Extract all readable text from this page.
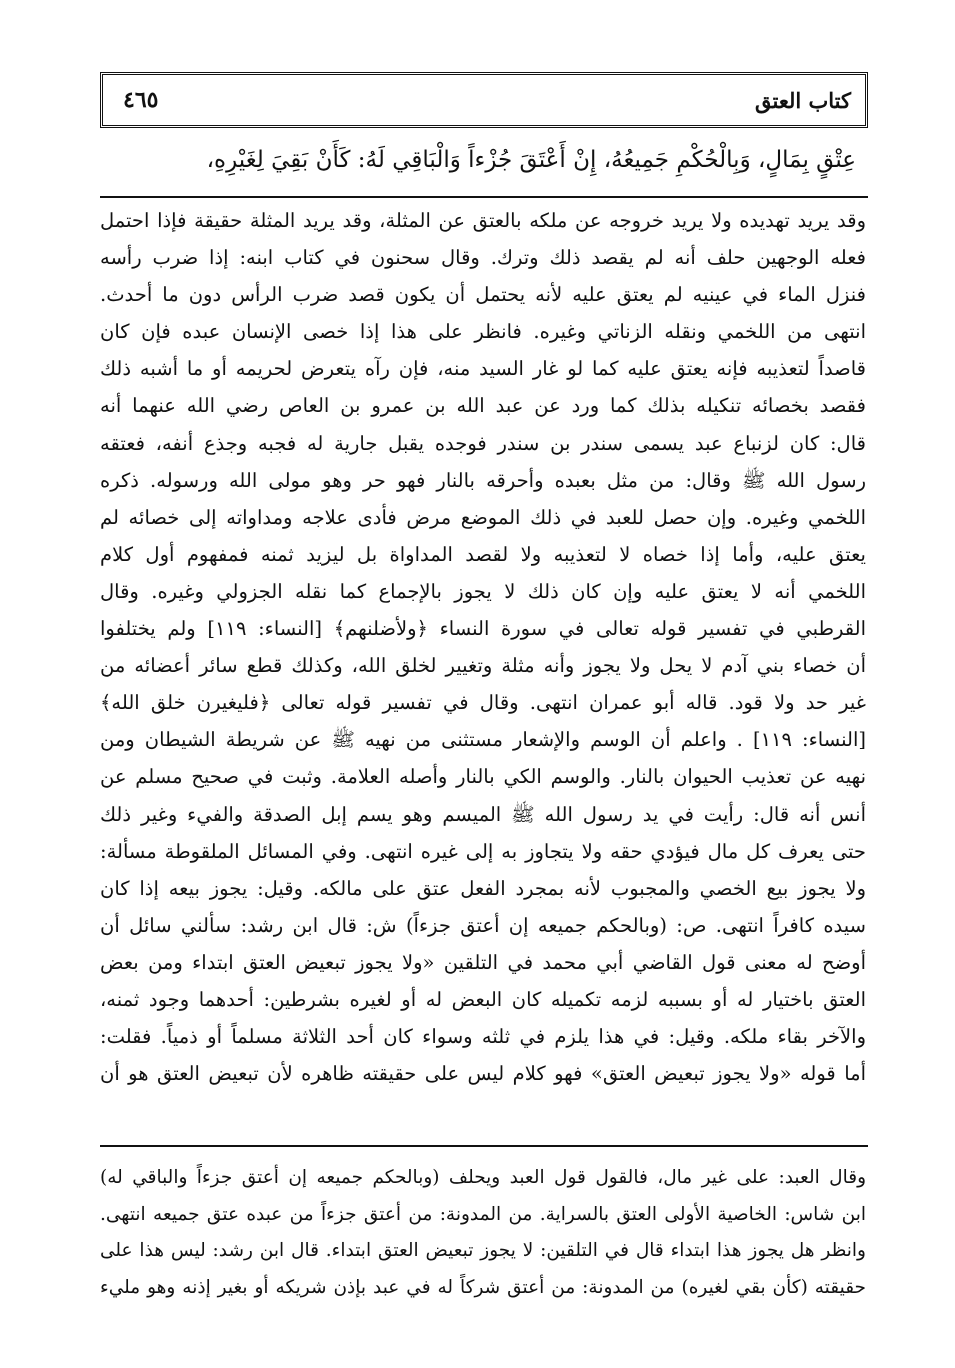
٤٦٥	كتاب العتق
عِتْقٍ بِمَالٍ، وَبِالْحُكْمِ جَمِيعُهُ، إِنْ أَعْتَقَ جُزْءاً وَالْبَاقِي لَهُ: كَأَنْ بَقِيَ لِغَيْرِهِ،
وقد يريد تهديده ولا يريد خروجه عن ملكه بالعتق عن المثلة، وقد يريد المثلة حقيقة فإذا احتمل
فعله الوجهين حلف أنه لم يقصد ذلك وترك. وقال سحنون في كتاب ابنه: إذا ضرب رأسه
فنزل الماء في عينيه لم يعتق عليه لأنه يحتمل أن يكون قصد ضرب الرأس دون ما أحدث.
انتهى من اللخمي ونقله الزناتي وغيره. فانظر على هذا إذا خصى الإنسان عبده فإن كان
قاصداً لتعذيبه فإنه يعتق عليه كما لو غار السيد منه، فإن رآه يتعرض لحريمه أو ما أشبه ذلك
فقصد بخصائه تنكيله بذلك كما ورد عن عبد الله بن عمرو بن العاص رضي الله عنهما أنه
قال: كان لزنباع عبد يسمى سندر بن سندر فوجده يقبل جارية له فجبه وجذع أنفه، فعتقه
رسول الله ﷺ وقال: من مثل بعبده وأحرقه بالنار فهو حر وهو مولى الله ورسوله. ذكره
اللخمي وغيره. وإن حصل للعبد في ذلك الموضع مرض فأدى علاجه ومداواته إلى خصائه لم
يعتق عليه، وأما إذا خصاه لا لتعذيبه ولا لقصد المداواة بل ليزيد ثمنه فمفهوم أول كلام
اللخمي أنه لا يعتق عليه وإن كان ذلك لا يجوز بالإجماع كما نقله الجزولي وغيره. وقال
القرطبي في تفسير قوله تعالى في سورة النساء ﴿ولأضلنهم﴾ [النساء: ١١٩] ولم يختلفوا
أن خصاء بني آدم لا يحل ولا يجوز وأنه مثلة وتغيير لخلق الله، وكذلك قطع سائر أعضائه من
غير حد ولا قود. قاله أبو عمران انتهى. وقال في تفسير قوله تعالى ﴿فليغيرن خلق الله﴾
[النساء: ١١٩] . واعلم أن الوسم والإشعار مستثنى من نهيه ﷺ عن شريطة الشيطان ومن
نهيه عن تعذيب الحيوان بالنار. والوسم الكي بالنار وأصله العلامة. وثبت في صحيح مسلم عن
أنس أنه قال: رأيت في يد رسول الله ﷺ الميسم وهو يسم إبل الصدقة والفيء وغير ذلك
حتى يعرف كل مال فيؤدي حقه ولا يتجاوز به إلى غيره انتهى. وفي المسائل الملقوطة مسألة:
ولا يجوز بيع الخصي والمجبوب لأنه بمجرد الفعل عتق على مالكه. وقيل: يجوز بيعه إذا كان
سيده كافراً انتهى. ص: (وبالحكم جميعه إن أعتق جزءاً) ش: قال ابن رشد: سألني سائل أن
أوضح له معنى قول القاضي أبي محمد في التلقين «ولا يجوز تبعيض العتق ابتداء ومن بعض
العتق باختيار له أو بسببه لزمه تكميله كان البعض له أو لغيره بشرطين: أحدهما وجود ثمنه،
والآخر بقاء ملكه. وقيل: في هذا يلزم في ثلثه وسواء كان أحد الثلاثة مسلماً أو ذمياً. فقلت:
أما قوله «ولا يجوز تبعيض العتق» فهو كلام ليس على حقيقته ظاهره لأن تبعيض العتق هو أن
وقال العبد: على غير مال، فالقول قول العبد ويحلف (وبالحكم جميعه إن أعتق جزءاً والباقي له)
ابن شاس: الخاصية الأولى العتق بالسراية. من المدونة: من أعتق جزءاً من عبده عتق جميعه انتهى.
وانظر هل يجوز هذا ابتداء قال في التلقين: لا يجوز تبعيض العتق ابتداء. قال ابن رشد: ليس هذا على
حقيقته (كأن بقي لغيره) من المدونة: من أعتق شركاً له في عبد بإذن شريكه أو بغير إذنه وهو مليء
